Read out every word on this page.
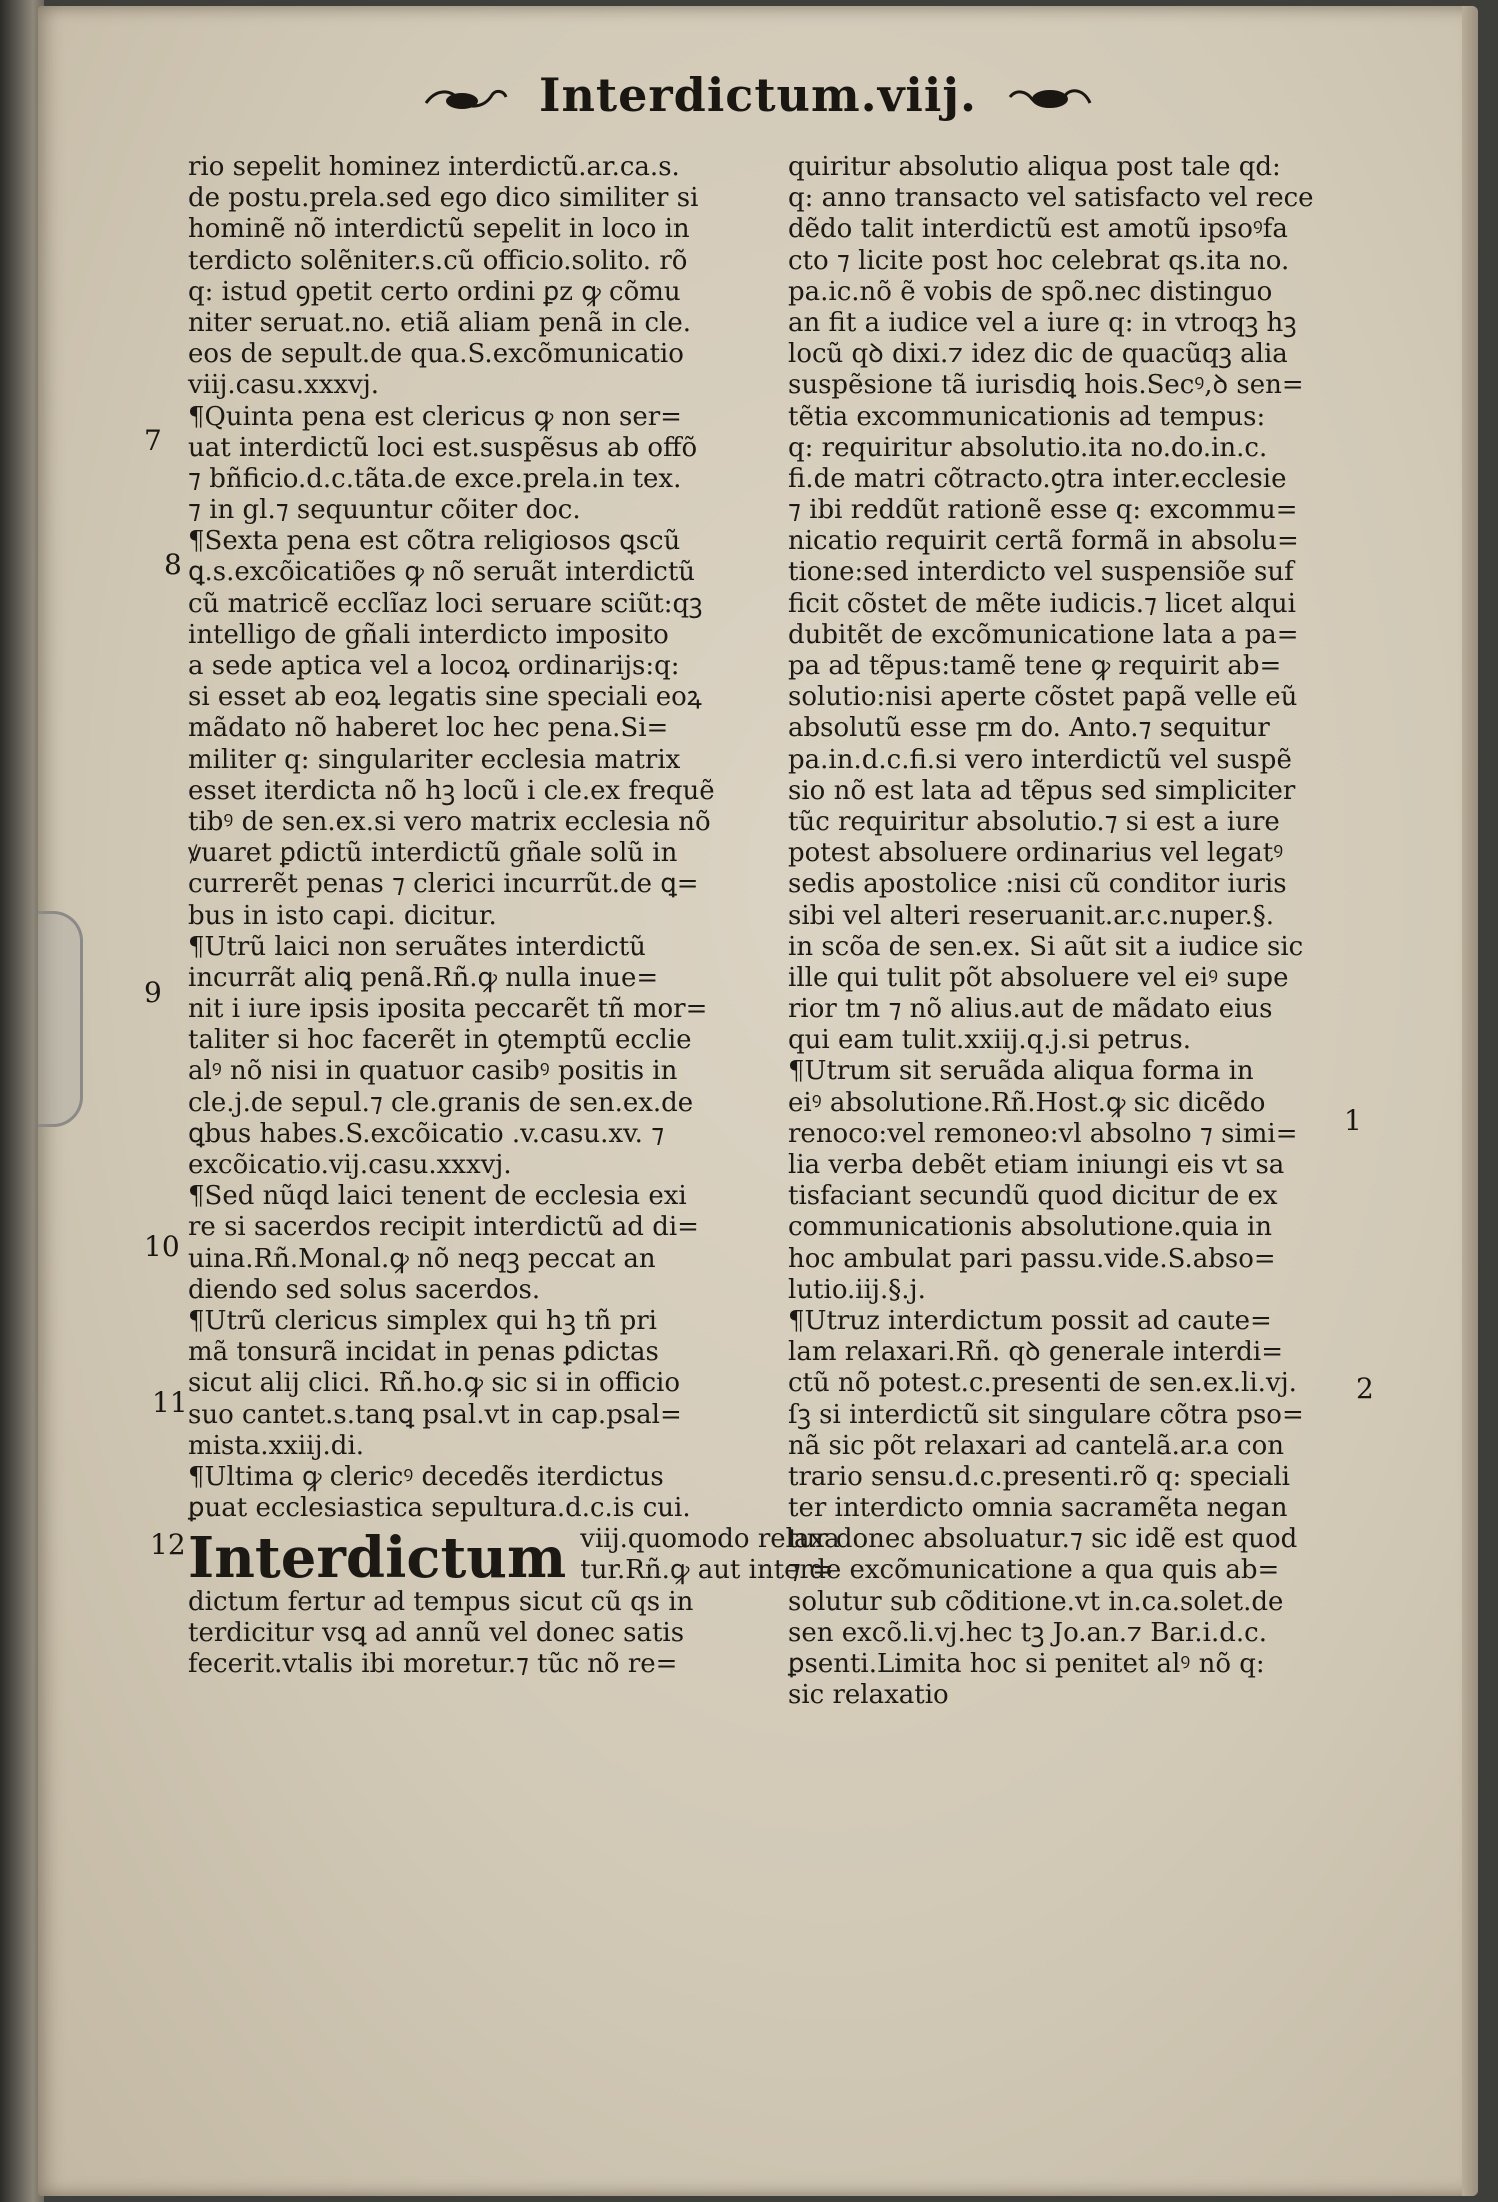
Interdictum.viij.
rio sepelit hominez interdictũ.ar.ca.s.
de postu.prela.sed ego dico similiter si
hominẽ nõ interdictũ sepelit in loco in
terdicto solẽniter.s.cũ officio.solito. rõ
q: istud ꝯpetit certo ordini ꝑz ꝙ cõmu
niter seruat.no. etiã aliam penã in cle.
eos de sepult.de qua.S.excõmunicatio
viij.casu.xxxvj.
¶Quinta pena est clericus ꝙ non ser=
uat interdictũ loci est.suspẽsus ab offõ
⁊ bñficio.d.c.tãta.de exce.prela.in tex.
⁊ in gl.⁊ sequuntur cõiter doc.
¶Sexta pena est cõtra religiosos ꝗscũ
ꝗ.s.excõicatiões ꝙ nõ seruãt interdictũ
cũ matricẽ ecclĩaz loci seruare sciũt:qꝫ
intelligo de gñali interdicto imposito
a sede aptica vel a locoꝝ ordinarijs:q:
si esset ab eoꝝ legatis sine speciali eoꝝ
mãdato nõ haberet loc hec pena.Si=
militer q: singulariter ecclesia matrix
esset iterdicta nõ hꝫ locũ i cle.ex frequẽ
tibꝰ de sen.ex.si vero matrix ecclesia nõ
ꝟuaret ꝑdictũ interdictũ gñale solũ in
currerẽt penas ⁊ clerici incurrũt.de ꝗ=
bus in isto capi. dicitur.
¶Utrũ laici non seruãtes interdictũ
incurrãt aliꝗ penã.Rñ.ꝙ nulla inue=
nit i iure ipsis iposita peccarẽt tñ mor=
taliter si hoc facerẽt in ꝯtemptũ ecclie
alꝰ nõ nisi in quatuor casibꝰ positis in
cle.j.de sepul.⁊ cle.granis de sen.ex.de
ꝗbus habes.S.excõicatio .v.casu.xv. ⁊
excõicatio.vij.casu.xxxvj.
¶Sed nũqd laici tenent de ecclesia exi
re si sacerdos recipit interdictũ ad di=
uina.Rñ.Monal.ꝙ nõ neqꝫ peccat an
diendo sed solus sacerdos.
¶Utrũ clericus simplex qui hꝫ tñ pri
mã tonsurã incidat in penas ꝑdictas
sicut alij clici. Rñ.ho.ꝙ sic si in officio
suo cantet.s.tanꝗ psal.vt in cap.psal=
mista.xxiij.di.
¶Ultima ꝙ clericꝰ decedẽs iterdictus
ꝑuat ecclesiastica sepultura.d.c.is cui.
Interdictum viij.quomodo relaxa
tur.Rñ.ꝙ aut inter=
dictum fertur ad tempus sicut cũ qs in
terdicitur vsꝗ ad annũ vel donec satis
fecerit.vtalis ibi moretur.⁊ tũc nõ re=
quiritur absolutio aliqua post tale qd:
q: anno transacto vel satisfacto vel rece
dẽdo talit interdictũ est amotũ ipsoꝰfa
cto ⁊ licite post hoc celebrat qs.ita no.
pa.ic.nõ ẽ vobis de spõ.nec distinguo
an fit a iudice vel a iure q: in vtroqꝫ hꝫ
locũ qꝺ dixi.⁊ idez dic de quacũqꝫ alia
suspẽsione tã iurisdiꝗ hois.Secꝰ,ꝺ sen=
tẽtia excommunicationis ad tempus:
q: requiritur absolutio.ita no.do.in.c.
fi.de matri cõtracto.ꝯtra inter.ecclesie
⁊ ibi reddũt rationẽ esse q: excommu=
nicatio requirit certã formã in absolu=
tione:sed interdicto vel suspensiõe suf
ficit cõstet de mẽte iudicis.⁊ licet alqui
dubitẽt de excõmunicatione lata a pa=
pa ad tẽpus:tamẽ tene ꝙ requirit ab=
solutio:nisi aperte cõstet papã velle eũ
absolutũ esse ꝼm do. Anto.⁊ sequitur
pa.in.d.c.fi.si vero interdictũ vel suspẽ
sio nõ est lata ad tẽpus sed simpliciter
tũc requiritur absolutio.⁊ si est a iure
potest absoluere ordinarius vel legatꝰ
sedis apostolice :nisi cũ conditor iuris
sibi vel alteri reseruanit.ar.c.nuper.§.
in scõa de sen.ex. Si aũt sit a iudice sic
ille qui tulit põt absoluere vel eiꝰ supe
rior tm ⁊ nõ alius.aut de mãdato eius
qui eam tulit.xxiij.q.j.si petrus.
¶Utrum sit seruãda aliqua forma in
eiꝰ absolutione.Rñ.Host.ꝙ sic dicẽdo
renoco:vel remoneo:vl absolno ⁊ simi=
lia verba debẽt etiam iniungi eis vt sa
tisfaciant secundũ quod dicitur de ex
communicationis absolutione.quia in
hoc ambulat pari passu.vide.S.abso=
lutio.iij.§.j.
¶Utruz interdictum possit ad caute=
lam relaxari.Rñ. qꝺ generale interdi=
ctũ nõ potest.c.presenti de sen.ex.li.vj.
ſꝫ si interdictũ sit singulare cõtra pso=
nã sic põt relaxari ad cantelã.ar.a con
trario sensu.d.c.presenti.rõ q: speciali
ter interdicto omnia sacramẽta negan
tur donec absoluatur.⁊ sic idẽ est quod
⁊ de excõmunicatione a qua quis ab=
solutur sub cõditione.vt in.ca.solet.de
sen excõ.li.vj.hec tꝫ Jo.an.⁊ Bar.i.d.c.
ꝑsenti.Limita hoc si penitet alꝰ nõ q:
sic relaxatio
7
8
9
10
11
12
1
2
